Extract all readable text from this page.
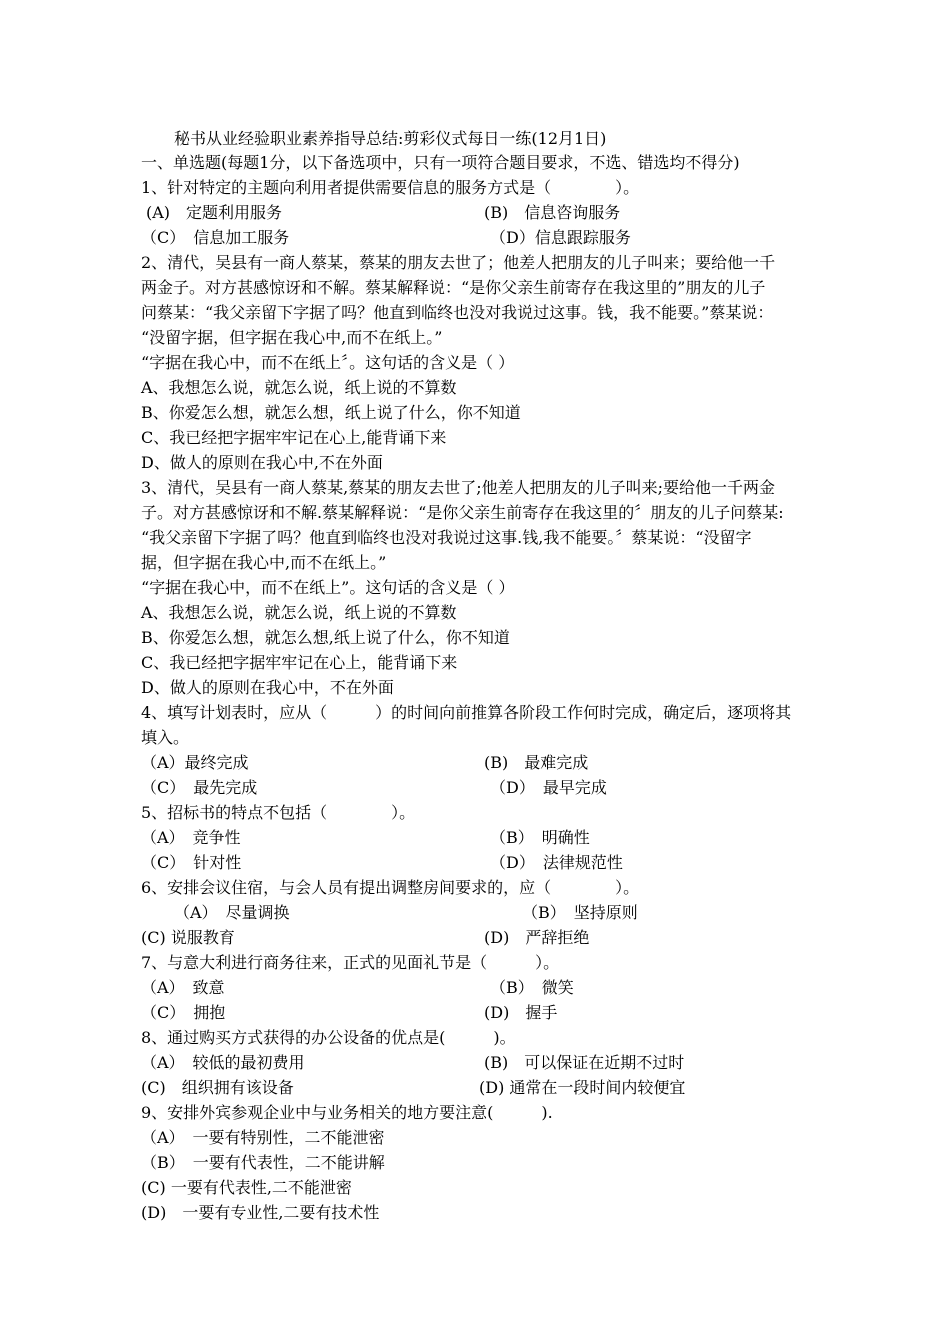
秘书从业经验职业素养指导总结:剪彩仪式每日一练(12月1日)
一、单选题(每题1分，以下备选项中，只有一项符合题目要求，不选、错选均不得分)
1、针对特定的主题向利用者提供需要信息的服务方式是（　　　　）。
(A)　定题利用服务	(B)　信息咨询服务
（C）　信息加工服务	（D）信息跟踪服务
2、清代，吴县有一商人蔡某，蔡某的朋友去世了；他差人把朋友的儿子叫来；要给他一千
两金子。对方甚感惊讶和不解。蔡某解释说：“是你父亲生前寄存在我这里的”朋友的儿子
问蔡某：“我父亲留下字据了吗？他直到临终也没对我说过这事。钱，我不能要。”蔡某说：
“没留字据，但字据在我心中,而不在纸上。”
“字据在我心中，而不在纸上〞。这句话的含义是（ ）
A、我想怎么说，就怎么说，纸上说的不算数
B、你爱怎么想，就怎么想，纸上说了什么，你不知道
C、我已经把字据牢牢记在心上,能背诵下来
D、做人的原则在我心中,不在外面
3、清代，吴县有一商人蔡某,蔡某的朋友去世了;他差人把朋友的儿子叫来;要给他一千两金
子。对方甚感惊讶和不解.蔡某解释说：“是你父亲生前寄存在我这里的〞朋友的儿子问蔡某:
“我父亲留下字据了吗？他直到临终也没对我说过这事.钱,我不能要。〞蔡某说：“没留字
据，但字据在我心中,而不在纸上。”
“字据在我心中，而不在纸上”。这句话的含义是（ ）
A、我想怎么说，就怎么说，纸上说的不算数
B、你爱怎么想，就怎么想,纸上说了什么，你不知道
C、我已经把字据牢牢记在心上，能背诵下来
D、做人的原则在我心中，不在外面
4、填写计划表时，应从（　　　）的时间向前推算各阶段工作何时完成，确定后，逐项将其
填入。
（A）最终完成	(B)　最难完成
（C）　最先完成	（D）　最早完成
5、招标书的特点不包括（　　　　）。
（A）　竞争性	（B）　明确性
（C）　针对性	（D）　法律规范性
6、安排会议住宿，与会人员有提出调整房间要求的，应（　　　　）。
（A）　尽量调换	（B）　坚持原则
(C) 说服教育	(D)　严辞拒绝
7、与意大利进行商务往来，正式的见面礼节是（　　　）。
（A）　致意	（B）　微笑
（C）　拥抱	(D)　握手
8、通过购买方式获得的办公设备的优点是(　　　)。
（A）　较低的最初费用	(B)　可以保证在近期不过时
(C)　组织拥有该设备	(D) 通常在一段时间内较便宜
9、安排外宾参观企业中与业务相关的地方要注意(　　　).
（A）　一要有特别性，二不能泄密
（B）　一要有代表性，二不能讲解
(C) 一要有代表性,二不能泄密
(D)　一要有专业性,二要有技术性
